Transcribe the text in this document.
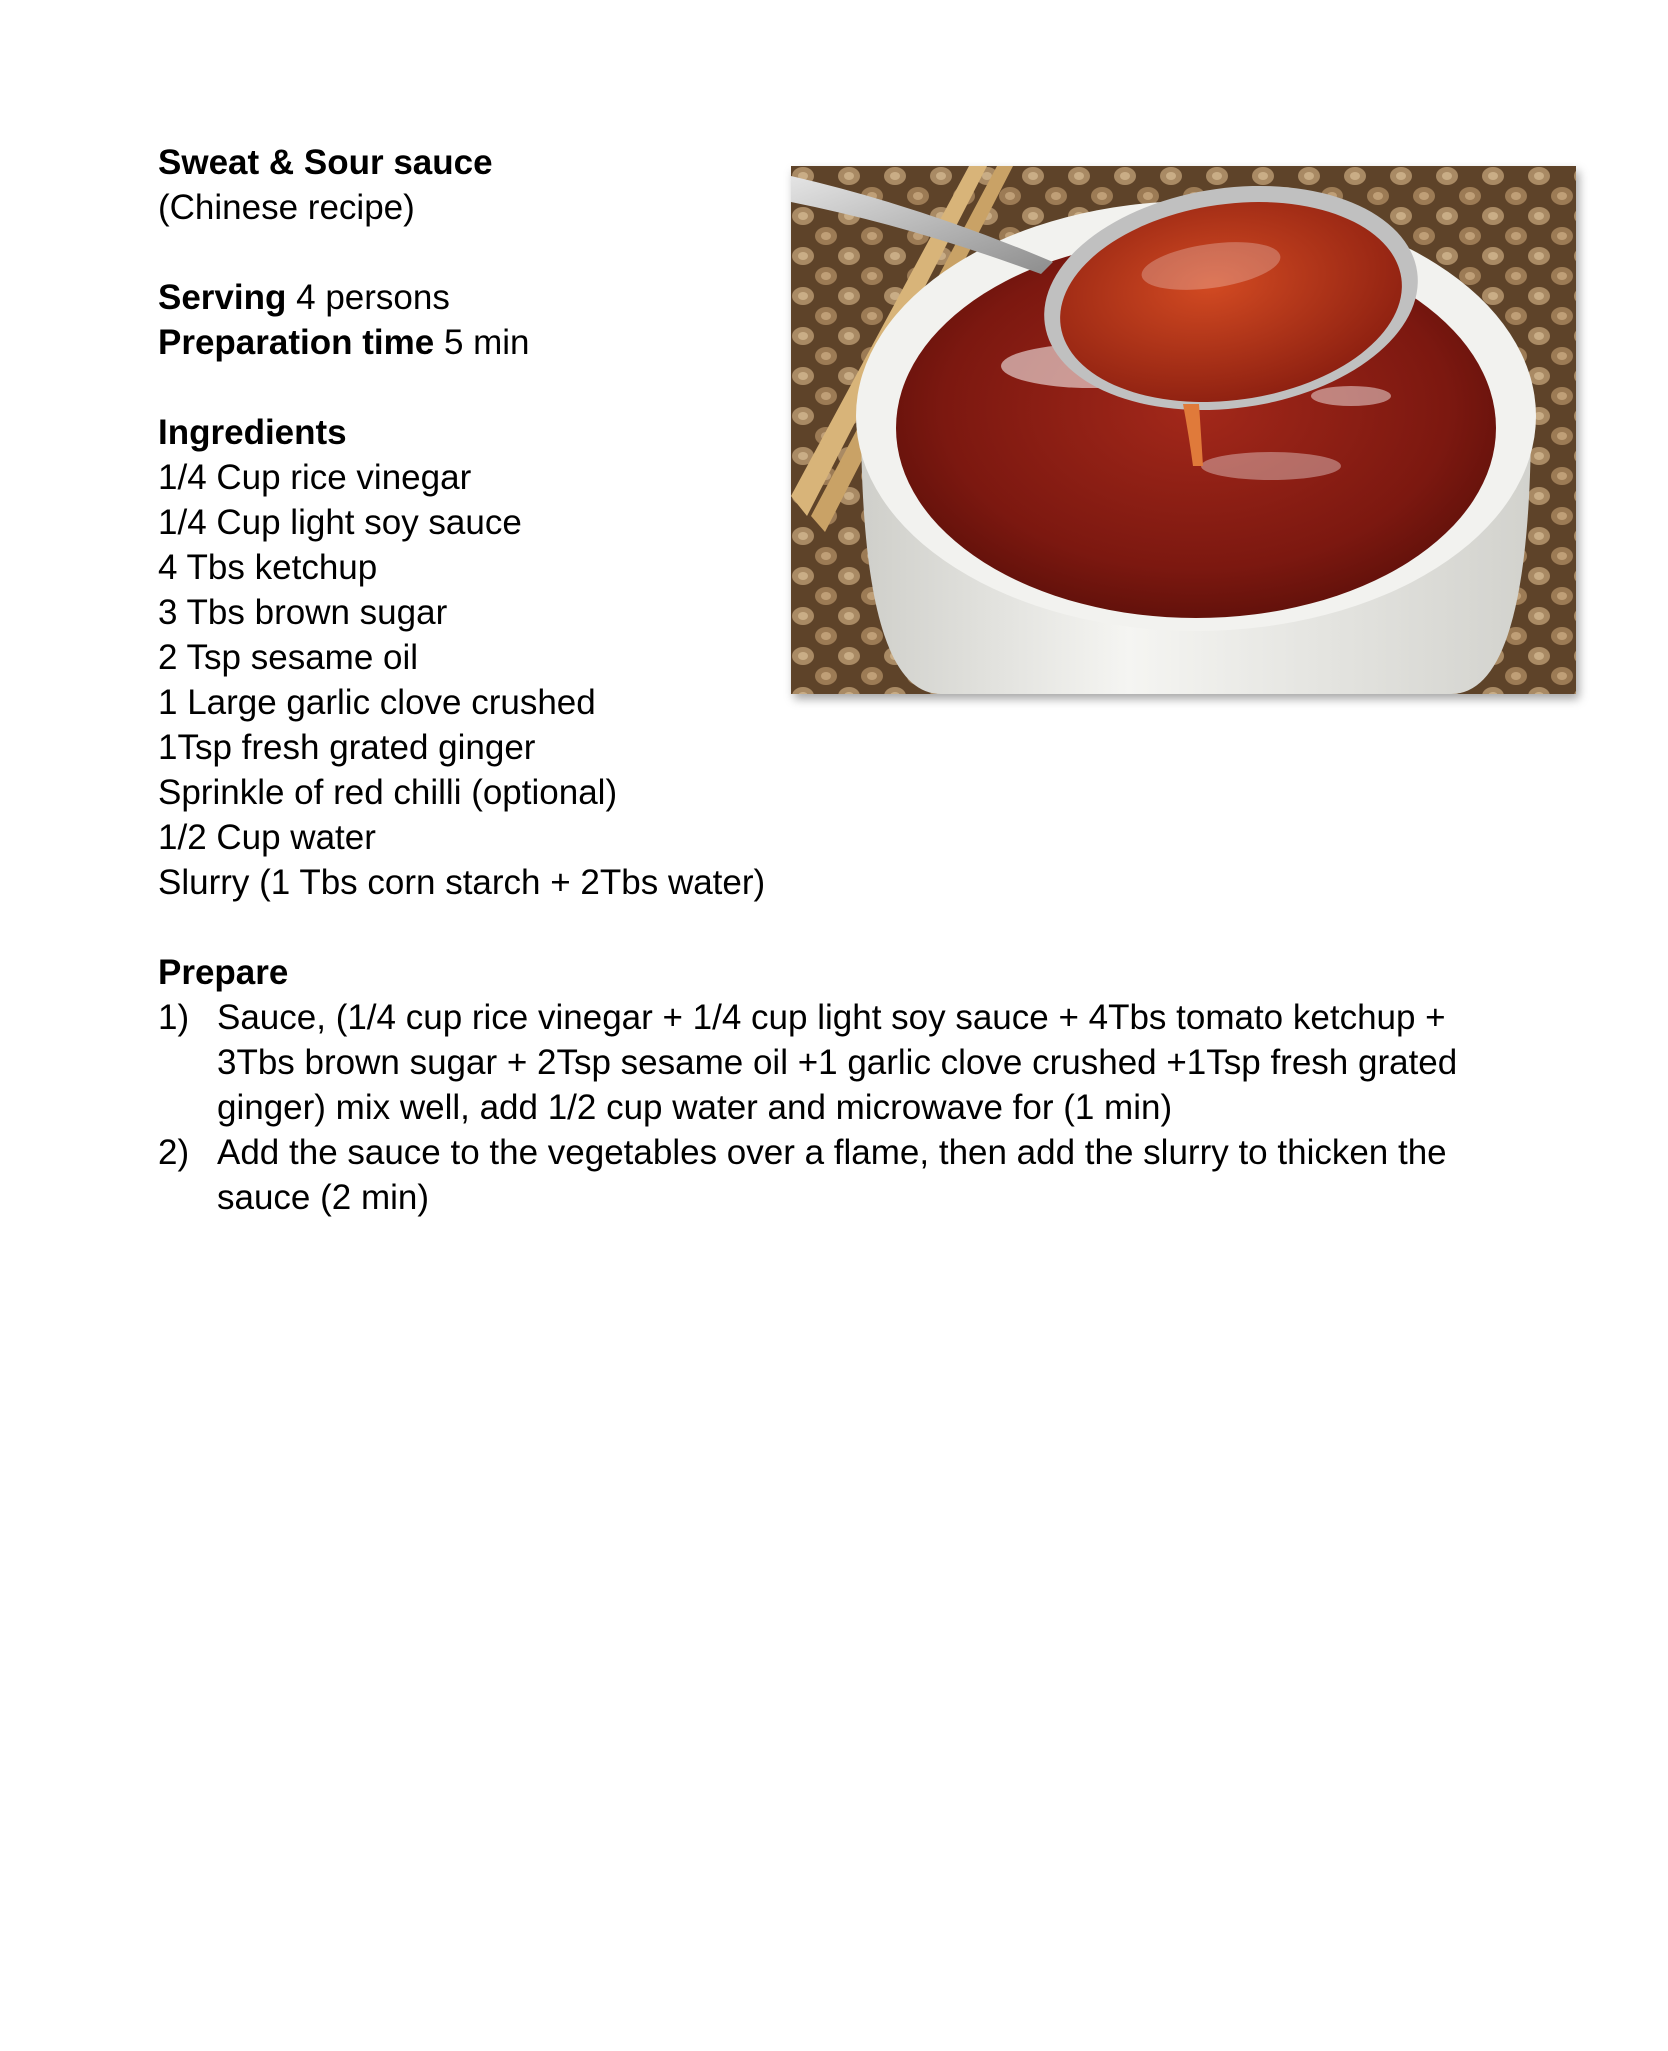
Sweat & Sour sauce
(Chinese recipe)
Serving 4 persons
Preparation time 5 min
Ingredients
1/4 Cup rice vinegar
1/4 Cup light soy sauce
4 Tbs ketchup
3 Tbs brown sugar
2 Tsp sesame oil
1 Large garlic clove crushed
1Tsp fresh grated ginger
Sprinkle of red chilli (optional)
1/2 Cup water
Slurry (1 Tbs corn starch + 2Tbs water)
Prepare
1) Sauce, (1/4 cup rice vinegar + 1/4 cup light soy sauce + 4Tbs tomato ketchup + 3Tbs brown sugar + 2Tsp sesame oil +1 garlic clove crushed +1Tsp fresh grated ginger) mix well, add 1/2 cup water and microwave for (1 min)
2) Add the sauce to the vegetables over a flame, then add the slurry to thicken the sauce (2 min)
